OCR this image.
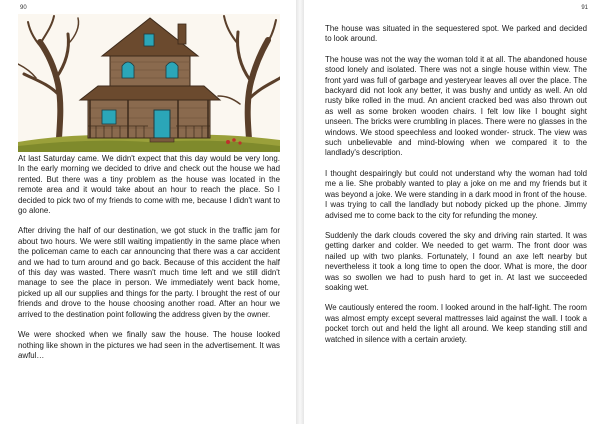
90

At last Saturday came. We didn't expect that this day would be very long. In the early morning we decided to drive and check out the house we had rented. But there was a tiny problem as the house was located in the remote area and it would take about an hour to reach the place. So I decided to pick two of my friends to come with me, because I didn't want to go alone.

After driving the half of our destination, we got stuck in the traffic jam for about two hours. We were still waiting impatiently in the same place when the policeman came to each car announcing that there was a car accident and we had to turn around and go back. Because of this accident the half of this day was wasted. There wasn't much time left and we still didn't manage to see the place in person. We immediately went back home, picked up all our supplies and things for the party. I brought the rest of our friends and drove to the house choosing another road. After an hour we arrived to the destination point following the address given by the owner.

We were shocked when we finally saw the house. The house looked nothing like shown in the pictures we had seen in the advertisement. It was awful…

91

The house was situated in the sequestered spot. We parked and decided to look around.

The house was not the way the woman told it at all. The abandoned house stood lonely and isolated. There was not a single house within view. The front yard was full of garbage and yesteryear leaves all over the place. The backyard did not look any better, it was bushy and untidy as well. An old rusty bike rolled in the mud. An ancient cracked bed was also thrown out as well as some broken wooden chairs. I felt low like I bought sight unseen. The bricks were crumbling in places. There were no glasses in the windows. We stood speechless and looked wonder- struck. The view was such unbelievable and mind-blowing when we compared it to the landlady's description.

I thought despairingly but could not understand why the woman had told me a lie. She probably wanted to play a joke on me and my friends but it was beyond a joke. We were standing in a dark mood in front of the house. I was trying to call the landlady but nobody picked up the phone. Jimmy advised me to come back to the city for refunding the money.

Suddenly the dark clouds covered the sky and driving rain started. It was getting darker and colder. We needed to get warm. The front door was nailed up with two planks. Fortunately, I found an axe left nearby but nevertheless it took a long time to open the door. What is more, the door was so swollen we had to push hard to get in. At last we succeeded soaking wet.

We cautiously entered the room. I looked around in the half-light. The room was almost empty except several mattresses laid against the wall. I took a pocket torch out and held the light all around. We keep standing still and watched in silence with a certain anxiety.
